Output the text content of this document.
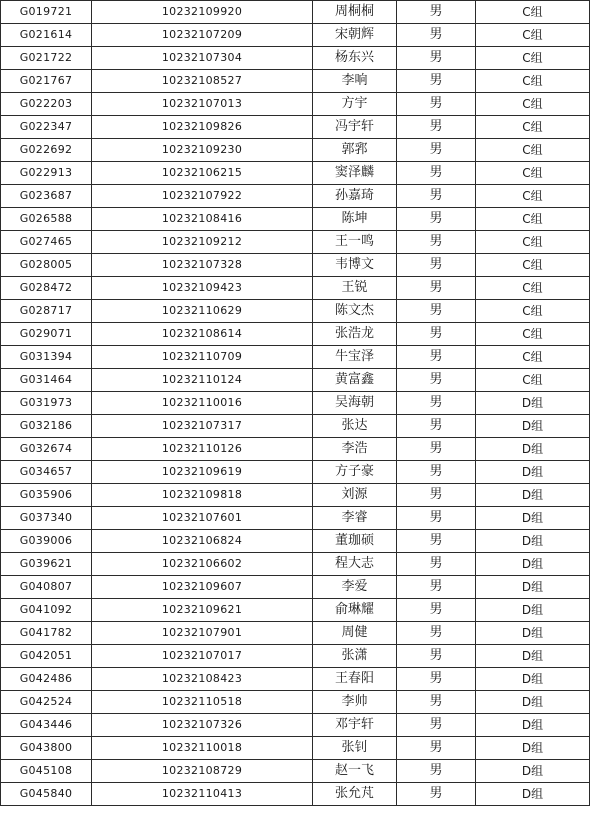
G019721	10232109920	周桐桐	男	C组
G021614	10232107209	宋朝辉	男	C组
G021722	10232107304	杨东兴	男	C组
G021767	10232108527	李响	男	C组
G022203	10232107013	方宇	男	C组
G022347	10232109826	冯宇轩	男	C组
G022692	10232109230	郭郛	男	C组
G022913	10232106215	窦泽麟	男	C组
G023687	10232107922	孙嘉琦	男	C组
G026588	10232108416	陈坤	男	C组
G027465	10232109212	王一鸣	男	C组
G028005	10232107328	韦博文	男	C组
G028472	10232109423	王锐	男	C组
G028717	10232110629	陈文杰	男	C组
G029071	10232108614	张浩龙	男	C组
G031394	10232110709	牛宝泽	男	C组
G031464	10232110124	黄富鑫	男	C组
G031973	10232110016	吴海朝	男	D组
G032186	10232107317	张达	男	D组
G032674	10232110126	李浩	男	D组
G034657	10232109619	方子豪	男	D组
G035906	10232109818	刘源	男	D组
G037340	10232107601	李睿	男	D组
G039006	10232106824	董珈硕	男	D组
G039621	10232106602	程大志	男	D组
G040807	10232109607	李爱	男	D组
G041092	10232109621	俞琳耀	男	D组
G041782	10232107901	周健	男	D组
G042051	10232107017	张潇	男	D组
G042486	10232108423	王春阳	男	D组
G042524	10232110518	李帅	男	D组
G043446	10232107326	邓宇轩	男	D组
G043800	10232110018	张钊	男	D组
G045108	10232108729	赵一飞	男	D组
G045840	10232110413	张允芃	男	D组
